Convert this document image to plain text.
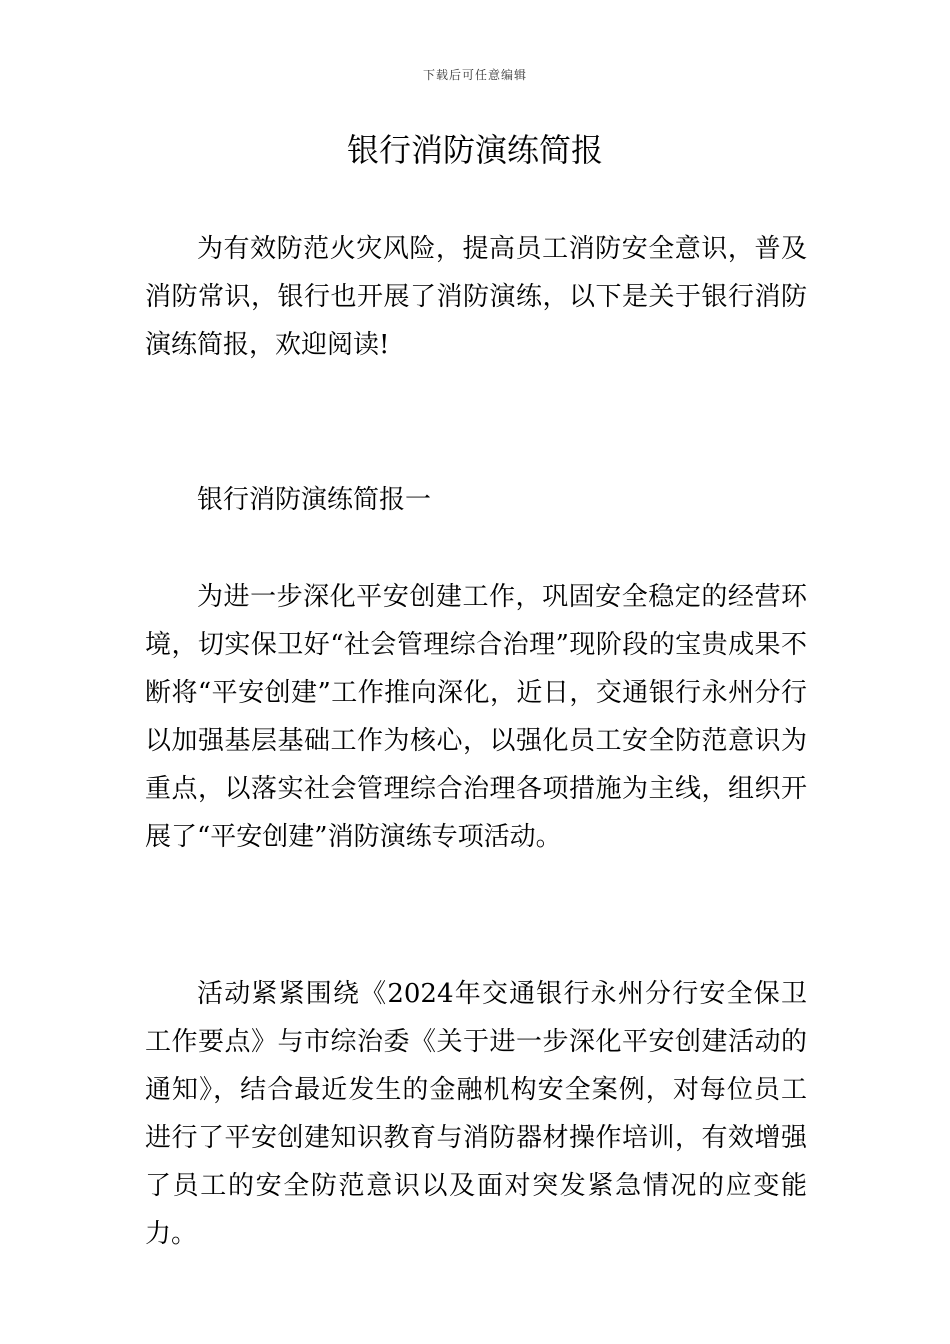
下载后可任意编辑
银行消防演练简报

为有效防范火灾风险，提高员工消防安全意识，普及消防常识，银行也开展了消防演练，以下是关于银行消防演练简报，欢迎阅读!

银行消防演练简报一

为进一步深化平安创建工作，巩固安全稳定的经营环境，切实保卫好“社会管理综合治理”现阶段的宝贵成果不断将“平安创建”工作推向深化，近日，交通银行永州分行以加强基层基础工作为核心，以强化员工安全防范意识为重点，以落实社会管理综合治理各项措施为主线，组织开展了“平安创建”消防演练专项活动。

活动紧紧围绕《2024年交通银行永州分行安全保卫工作要点》与市综治委《关于进一步深化平安创建活动的通知》，结合最近发生的金融机构安全案例，对每位员工进行了平安创建知识教育与消防器材操作培训，有效增强了员工的安全防范意识以及面对突发紧急情况的应变能力。
